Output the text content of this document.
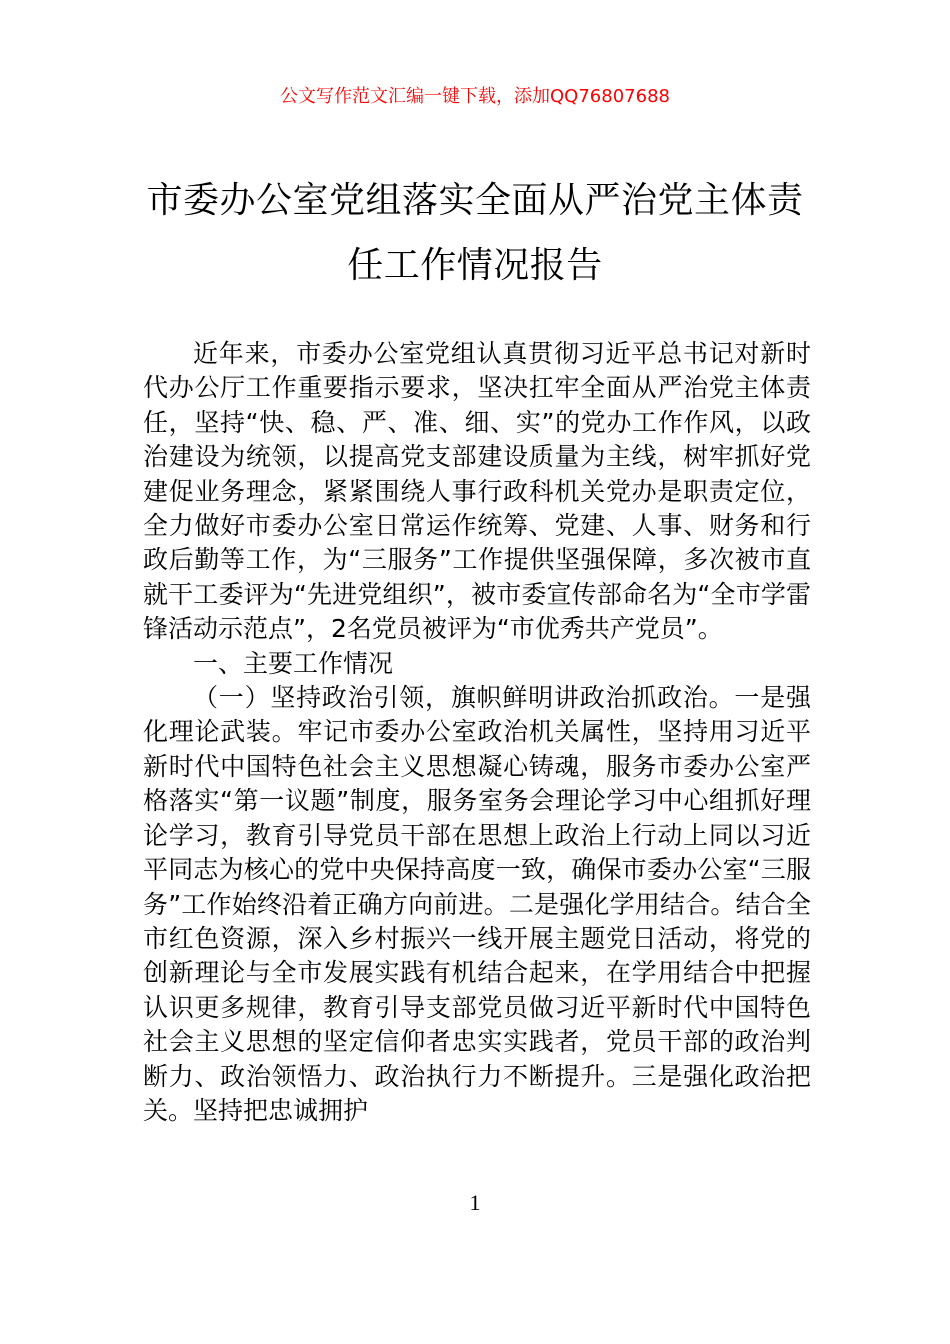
公文写作范文汇编一键下载，添加QQ76807688
市委办公室党组落实全面从严治党主体责任工作情况报告

近年来，市委办公室党组认真贯彻习近平总书记对新时代办公厅工作重要指示要求，坚决扛牢全面从严治党主体责任，坚持“快、稳、严、准、细、实”的党办工作作风，以政治建设为统领，以提高党支部建设质量为主线，树牢抓好党建促业务理念，紧紧围绕人事行政科机关党办是职责定位，全力做好市委办公室日常运作统筹、党建、人事、财务和行政后勤等工作，为“三服务”工作提供坚强保障，多次被市直就干工委评为“先进党组织”，被市委宣传部命名为“全市学雷锋活动示范点”，2名党员被评为“市优秀共产党员”。

一、主要工作情况

（一）坚持政治引领，旗帜鲜明讲政治抓政治。一是强化理论武装。牢记市委办公室政治机关属性，坚持用习近平新时代中国特色社会主义思想凝心铸魂，服务市委办公室严格落实“第一议题”制度，服务室务会理论学习中心组抓好理论学习，教育引导党员干部在思想上政治上行动上同以习近平同志为核心的党中央保持高度一致，确保市委办公室“三服务”工作始终沿着正确方向前进。二是强化学用结合。结合全市红色资源，深入乡村振兴一线开展主题党日活动，将党的创新理论与全市发展实践有机结合起来，在学用结合中把握认识更多规律，教育引导支部党员做习近平新时代中国特色社会主义思想的坚定信仰者忠实实践者，党员干部的政治判断力、政治领悟力、政治执行力不断提升。三是强化政治把关。坚持把忠诚拥护

1
